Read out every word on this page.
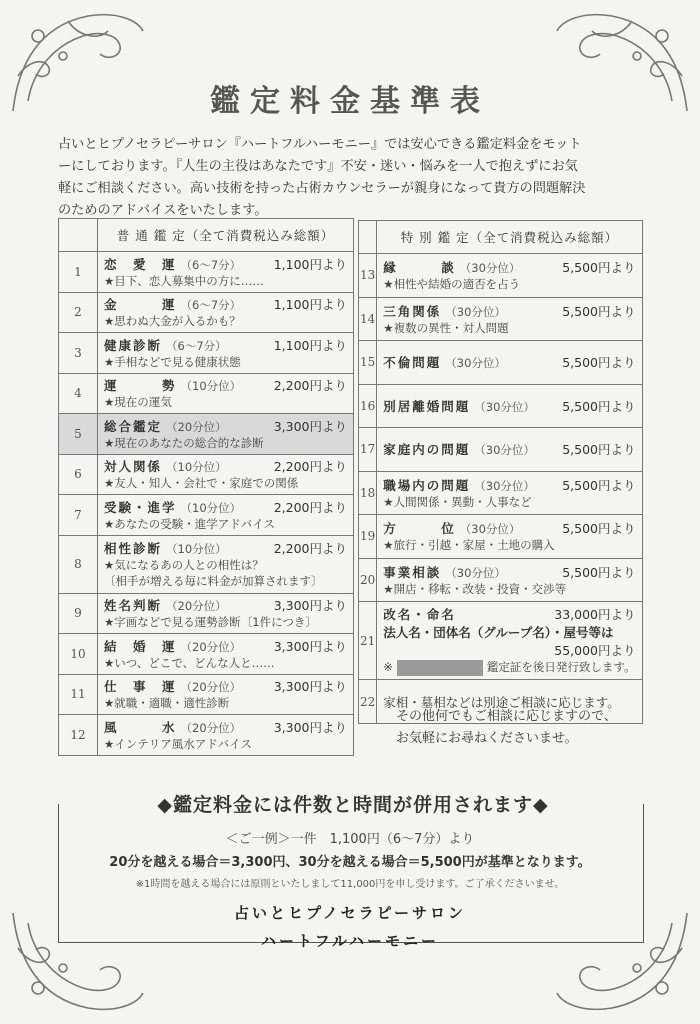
鑑定料金基準表
占いとヒプノセラピーサロン『ハートフルハーモニー』では安心できる鑑定料金をモット
ーにしております。『人生の主役はあなたです』不安・迷い・悩みを一人で抱えずにお気
軽にご相談ください。高い技術を持った占術カウンセラーが親身になって貴方の問題解決
のためのアドバイスをいたします。
	普 通 鑑 定（全て消費税込み総額）
1	恋　愛　運 （6～7分） 1,100円より
★目下、恋人募集中の方に……

2	金　　　運 （6～7分） 1,100円より
★思わぬ大金が入るかも？

3	健康診断 （6～7分） 1,100円より
★手相などで見る健康状態

4	運　　　勢 （10分位） 2,200円より
★現在の運気

5	総合鑑定 （20分位） 3,300円より
★現在のあなたの総合的な診断

6	対人関係 （10分位） 2,200円より
★友人・知人・会社で・家庭での関係

7	受験・進学 （10分位） 2,200円より
★あなたの受験・進学アドバイス

8	相性診断 （10分位） 2,200円より
★気になるあの人との相性は？
〔相手が増える毎に料金が加算されます〕

9	姓名判断 （20分位） 3,300円より
★字画などで見る運勢診断〔1件につき〕

10	結　婚　運 （20分位） 3,300円より
★いつ、どこで、どんな人と……

11	仕　事　運 （20分位） 3,300円より
★就職・適職・適性診断

12	風　　　水 （20分位） 3,300円より
★インテリア風水アドバイス
	特 別 鑑 定（全て消費税込み総額）
13	縁　　　談 （30分位） 5,500円より
★相性や結婚の適否を占う

14	三角関係 （30分位） 5,500円より
★複数の異性・対人問題

15	不倫問題 （30分位） 5,500円より

16	別居離婚問題 （30分位） 5,500円より

17	家庭内の問題 （30分位） 5,500円より

18	職場内の問題 （30分位） 5,500円より
★人間関係・異動・人事など

19	方　　　位 （30分位） 5,500円より
★旅行・引越・家屋・土地の購入

20	事業相談 （30分位） 5,500円より
★開店・移転・改装・投資・交渉等

21	改名・命名 33,000円より
法人名・団体名（グループ名）・屋号等は
55,000円より
※ 鑑定証を後日発行致します。

22	家相・墓相などは別途ご相談に応じます。
その他何でもご相談に応じますので、
お気軽にお尋ねくださいませ。
◆鑑定料金には件数と時間が併用されます◆
＜ご一例＞一件　1,100円（6～7分）より
20分を越える場合＝3,300円、30分を越える場合＝5,500円が基準となります。
※1時間を越える場合には原則といたしまして11,000円を申し受けます。ご了承くださいませ。
占いとヒプノセラピーサロン
ハートフルハーモニー
